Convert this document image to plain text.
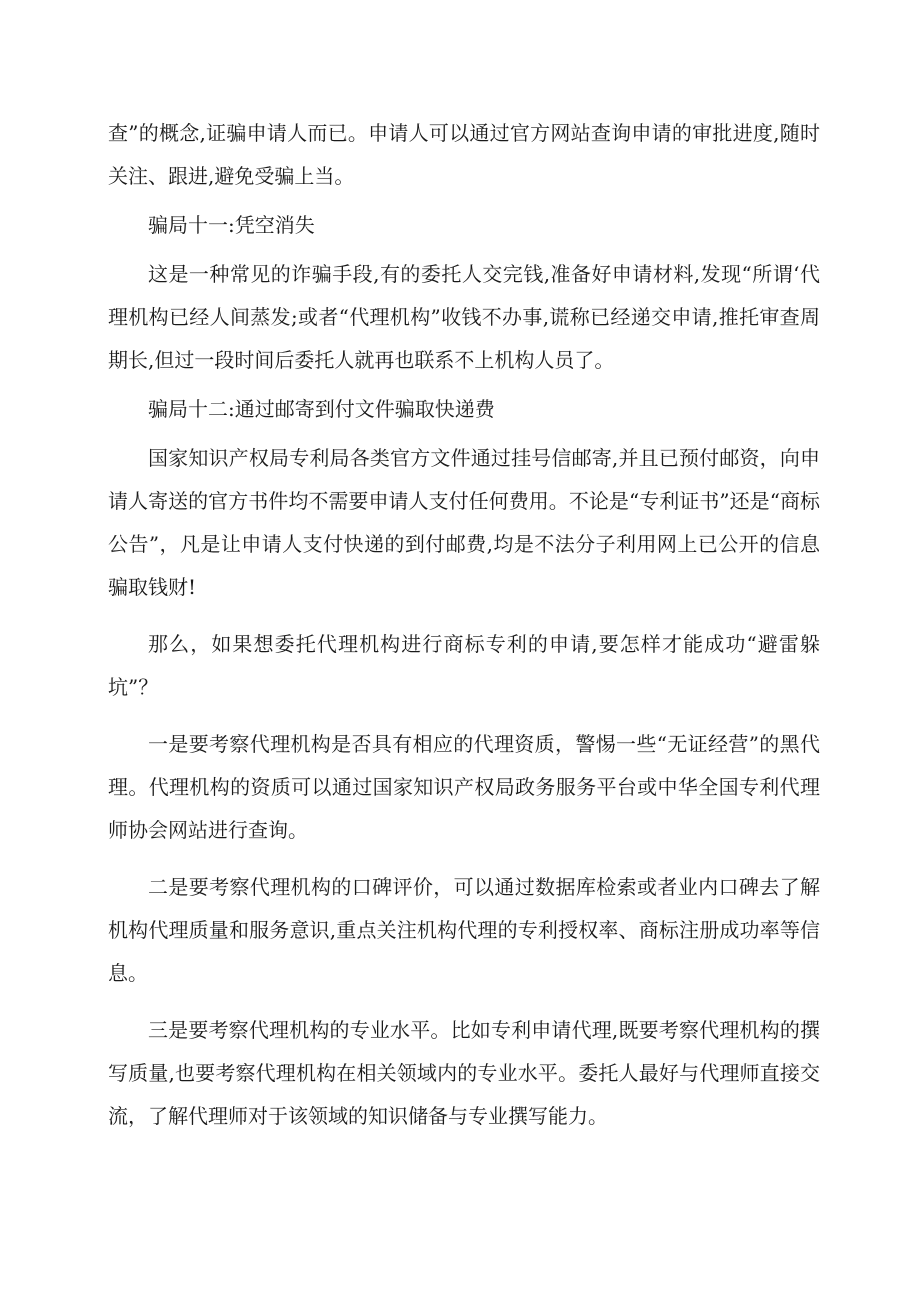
查”的概念,证骗申请人而已。申请人可以通过官方网站查询申请的审批进度,随时关注、跟进,避免受骗上当。

骗局十一:凭空消失

这是一种常见的诈骗手段,有的委托人交完钱,准备好申请材料,发现“所谓‘代理机构已经人间蒸发;或者“代理机构”收钱不办事,谎称已经递交申请,推托审查周期长,但过一段时间后委托人就再也联系不上机构人员了。

骗局十二:通过邮寄到付文件骗取快递费

国家知识产权局专利局各类官方文件通过挂号信邮寄,并且已预付邮资，向申请人寄送的官方书件均不需要申请人支付任何费用。不论是“专利证书”还是“商标公告”，凡是让申请人支付快递的到付邮费,均是不法分子利用网上已公开的信息骗取钱财!

那么，如果想委托代理机构进行商标专利的申请,要怎样才能成功“避雷躲坑”？

一是要考察代理机构是否具有相应的代理资质，警惕一些“无证经营”的黑代理。代理机构的资质可以通过国家知识产权局政务服务平台或中华全国专利代理师协会网站进行查询。

二是要考察代理机构的口碑评价，可以通过数据库检索或者业内口碑去了解机构代理质量和服务意识,重点关注机构代理的专利授权率、商标注册成功率等信息。

三是要考察代理机构的专业水平。比如专利申请代理,既要考察代理机构的撰写质量,也要考察代理机构在相关领域内的专业水平。委托人最好与代理师直接交流，了解代理师对于该领域的知识储备与专业撰写能力。
